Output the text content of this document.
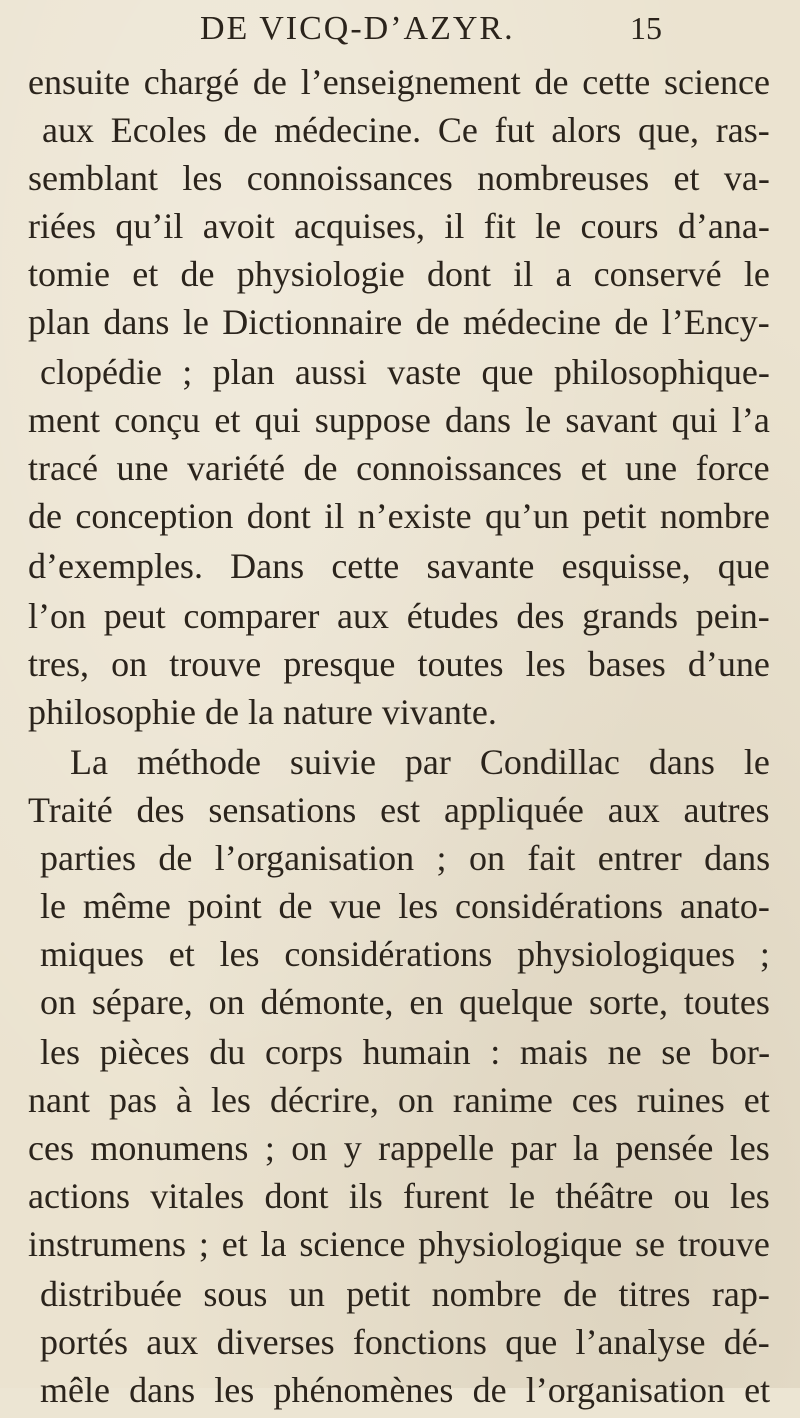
DE VICQ-D’AZYR.	15
ensuite chargé de l’enseignement de cette science
aux Ecoles de médecine. Ce fut alors que, ras-
semblant les connoissances nombreuses et va-
riées qu’il avoit acquises, il fit le cours d’ana-
tomie et de physiologie dont il a conservé le
plan dans le Dictionnaire de médecine de l’Ency-
clopédie ; plan aussi vaste que philosophique-
ment conçu et qui suppose dans le savant qui l’a
tracé une variété de connoissances et une force
de conception dont il n’existe qu’un petit nombre
d’exemples. Dans cette savante esquisse, que
l’on peut comparer aux études des grands pein-
tres, on trouve presque toutes les bases d’une
philosophie de la nature vivante.
La méthode suivie par Condillac dans le
Traité des sensations est appliquée aux autres
parties de l’organisation ; on fait entrer dans
le même point de vue les considérations anato-
miques et les considérations physiologiques ;
on sépare, on démonte, en quelque sorte, toutes
les pièces du corps humain : mais ne se bor-
nant pas à les décrire, on ranime ces ruines et
ces monumens ; on y rappelle par la pensée les
actions vitales dont ils furent le théâtre ou les
instrumens ; et la science physiologique se trouve
distribuée sous un petit nombre de titres rap-
portés aux diverses fonctions que l’analyse dé-
mêle dans les phénomènes de l’organisation et
